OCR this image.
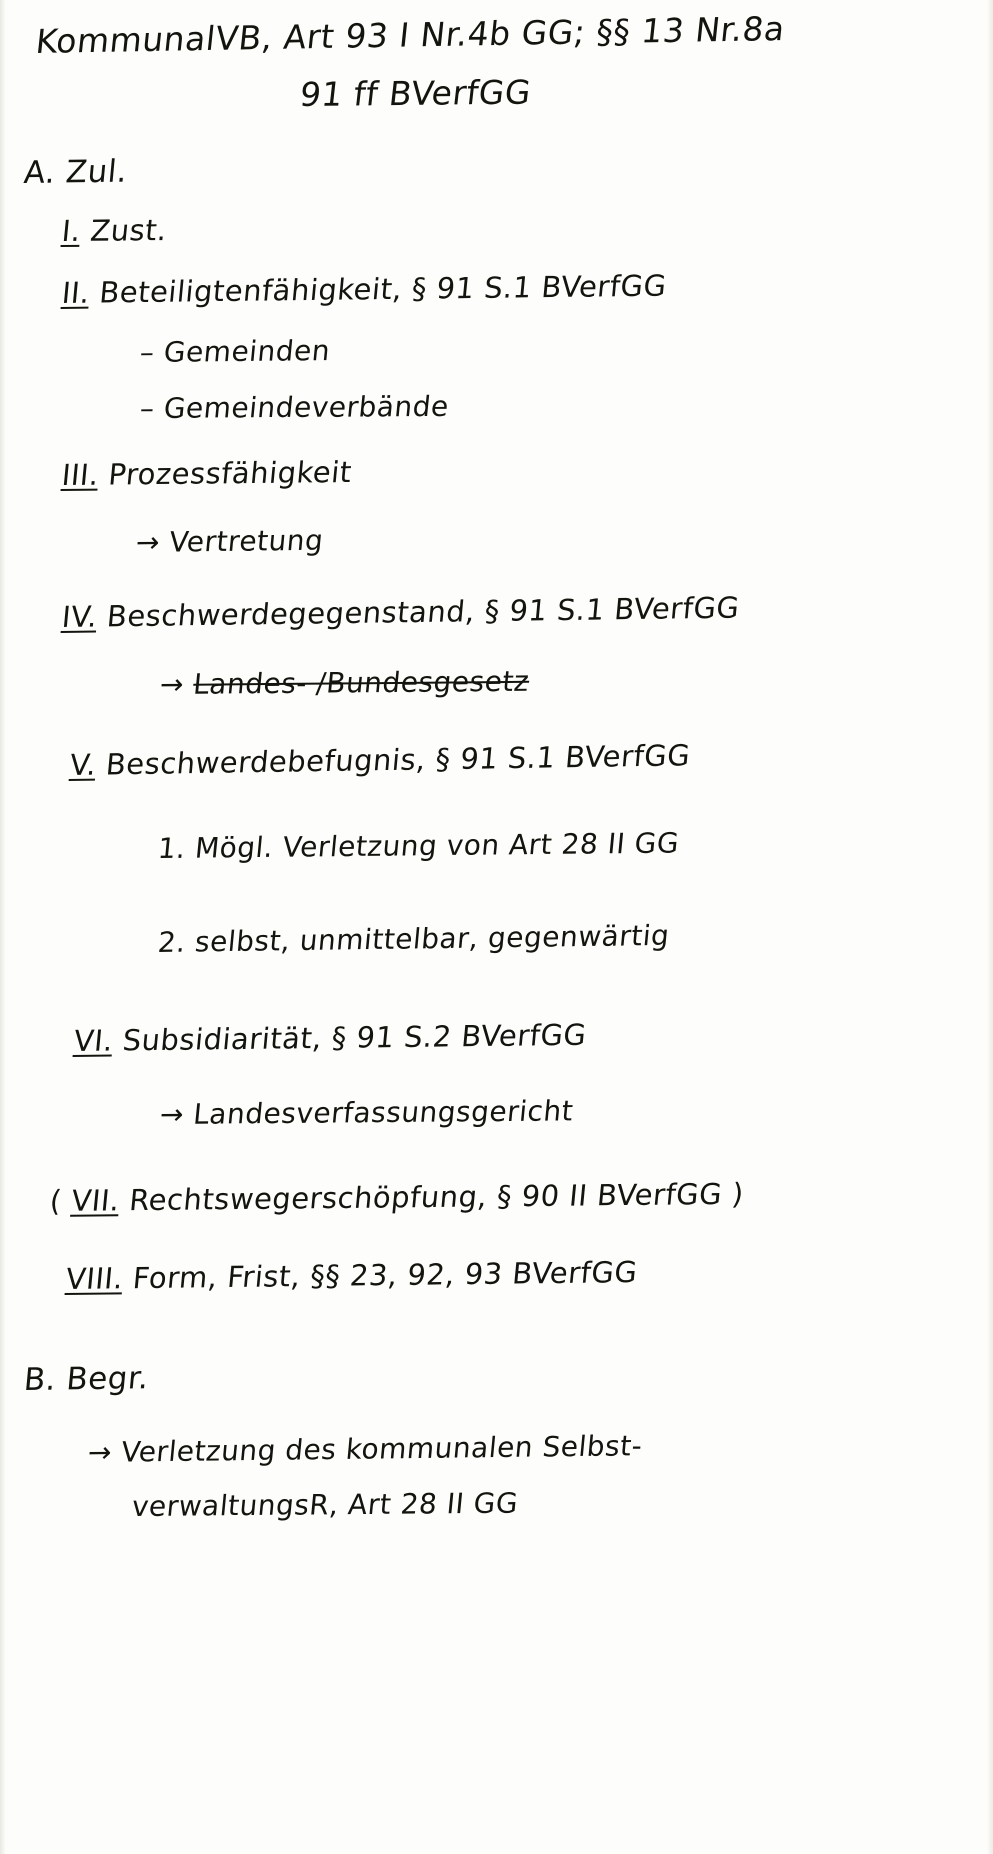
KommunalVB, Art 93 I Nr.4b GG; §§ 13 Nr.8a
91 ff BVerfGG
A. Zul.
I. Zust.
II. Beteiligtenfähigkeit, § 91 S.1 BVerfGG
– Gemeinden
– Gemeindeverbände
III. Prozessfähigkeit
→ Vertretung
IV. Beschwerdegegenstand, § 91 S.1 BVerfGG
→ Landes- /Bundesgesetz
V. Beschwerdebefugnis, § 91 S.1 BVerfGG
1. Mögl. Verletzung von Art 28 II GG
2. selbst, unmittelbar, gegenwärtig
VI. Subsidiarität, § 91 S.2 BVerfGG
→ Landesverfassungsgericht
( VII. Rechtswegerschöpfung, § 90 II BVerfGG )
VIII. Form, Frist, §§ 23, 92, 93 BVerfGG
B. Begr.
→ Verletzung des kommunalen Selbst-
verwaltungsR, Art 28 II GG
